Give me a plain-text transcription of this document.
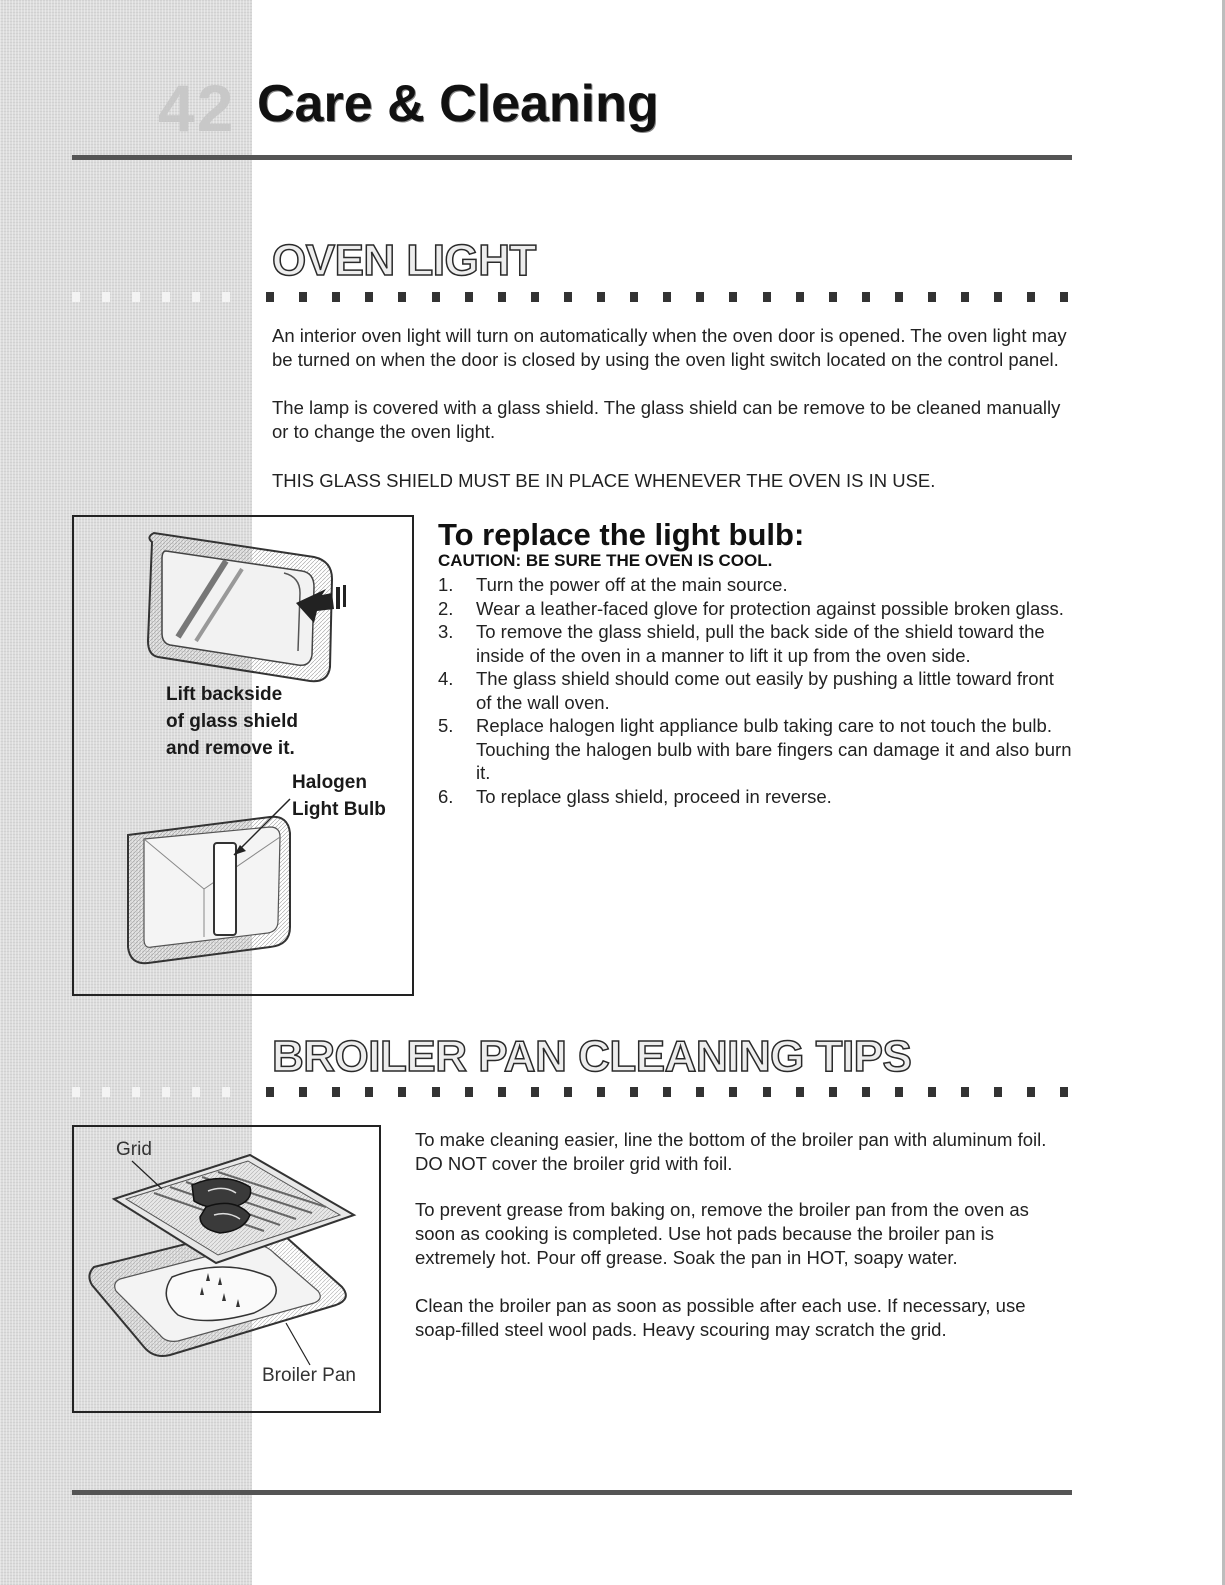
42 Care & Cleaning
OVEN LIGHT

An interior oven light will turn on automatically when the oven door is opened. The oven light may be turned on when the door is closed by using the oven light switch located on the control panel.

The lamp is covered with a glass shield. The glass shield can be remove to be cleaned manually or to change the oven light.

THIS GLASS SHIELD MUST BE IN PLACE WHENEVER THE OVEN IS IN USE.

Lift backside
of glass shield
and remove it.
Halogen
Light Bulb
To replace the light bulb:
CAUTION: BE SURE THE OVEN IS COOL.
1. Turn the power off at the main source.
2. Wear a leather-faced glove for protection against possible broken glass.
3. To remove the glass shield, pull the back side of the shield toward the inside of the oven in a manner to lift it up from the oven side.
4. The glass shield should come out easily by pushing a little toward front of the wall oven.
5. Replace halogen light appliance bulb taking care to not touch the bulb. Touching the halogen bulb with bare fingers can damage it and also burn it.
6. To replace glass shield, proceed in reverse.
BROILER PAN CLEANING TIPS
Grid
Broiler Pan

To make cleaning easier, line the bottom of the broiler pan with aluminum foil. DO NOT cover the broiler grid with foil.

To prevent grease from baking on, remove the broiler pan from the oven as soon as cooking is completed. Use hot pads because the broiler pan is extremely hot. Pour off grease. Soak the pan in HOT, soapy water.

Clean the broiler pan as soon as possible after each use. If necessary, use soap-filled steel wool pads. Heavy scouring may scratch the grid.
